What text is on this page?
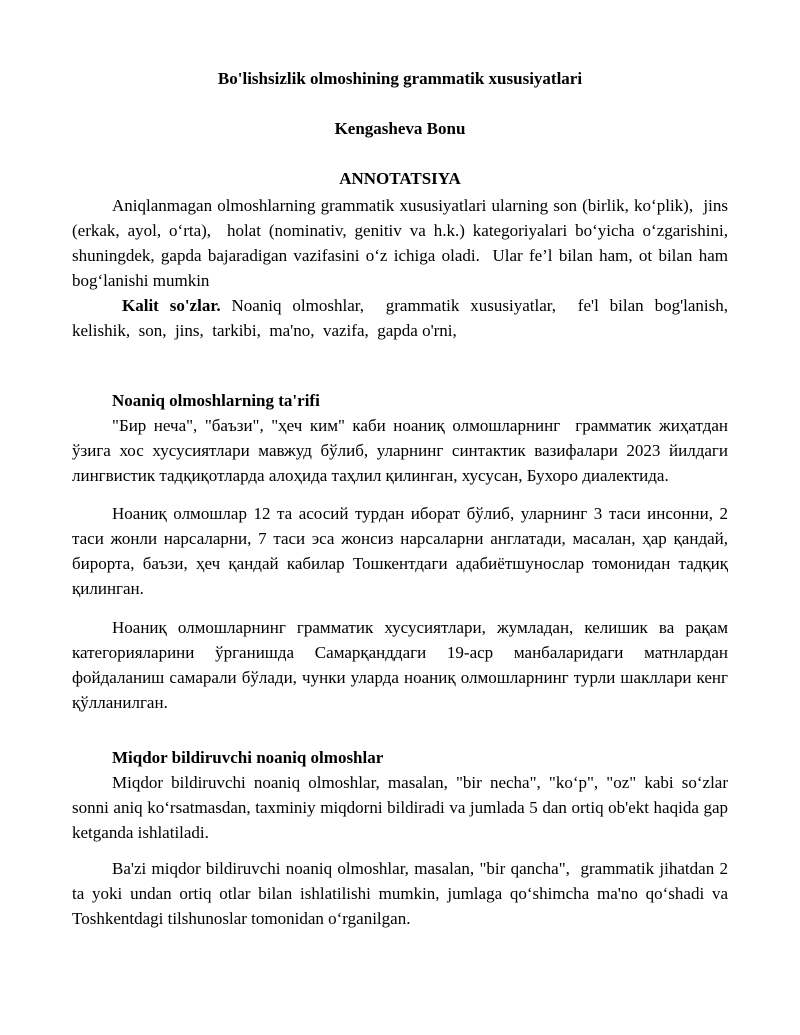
Bo'lishsizlik olmoshining grammatik xususiyatlari

Kengasheva Bonu

ANNOTATSIYA

Aniqlanmagan olmoshlarning grammatik xususiyatlari ularning son (birlik, ko‘plik),  jins (erkak, ayol, o‘rta),  holat (nominativ, genitiv va h.k.) kategoriyalari bo‘yicha o‘zgarishini, shuningdek, gapda bajaradigan vazifasini o‘z ichiga oladi.  Ular fe’l bilan ham, ot bilan ham bog‘lanishi mumkin

Kalit so'zlar. Noaniq olmoshlar,  grammatik xususiyatlar,  fe'l bilan bog'lanish,  kelishik,  son,  jins,  tarkibi,  ma'no,  vazifa,  gapda o'rni,

Noaniq olmoshlarning ta'rifi

"Бир неча", "баъзи", "ҳеч ким" каби ноаниқ олмошларнинг  грамматик жиҳатдан  ўзига хос хусусиятлари мавжуд бўлиб, уларнинг синтактик вазифалари 2023 йилдаги лингвистик тадқиқотларда алоҳида таҳлил қилинган, хусусан, Бухоро диалектида.

Ноаниқ олмошлар 12 та асосий турдан иборат бўлиб, уларнинг 3 таси инсонни, 2 таси жонли нарсаларни, 7 таси эса жонсиз нарсаларни англатади, масалан, ҳар қандай, бирорта, баъзи, ҳеч қандай кабилар Тошкентдаги адабиётшунослар томонидан тадқиқ қилинган.

Ноаниқ олмошларнинг грамматик хусусиятлари, жумладан, келишик ва рақам категорияларини ўрганишда Самарқанддаги 19-аср манбаларидаги матнлардан фойдаланиш самарали бўлади, чунки уларда ноаниқ олмошларнинг турли шакллари кенг қўлланилган.

Miqdor bildiruvchi noaniq olmoshlar

Miqdor bildiruvchi noaniq olmoshlar, masalan, "bir necha", "ko‘p", "oz" kabi so‘zlar sonni aniq ko‘rsatmasdan, taxminiy miqdorni bildiradi va jumlada 5 dan ortiq ob'ekt haqida gap ketganda ishlatiladi.

Ba'zi miqdor bildiruvchi noaniq olmoshlar, masalan, "bir qancha",  grammatik jihatdan 2 ta yoki undan ortiq otlar bilan ishlatilishi mumkin, jumlaga qo‘shimcha ma'no qo‘shadi va Toshkentdagi tilshunoslar tomonidan o‘rganilgan.
